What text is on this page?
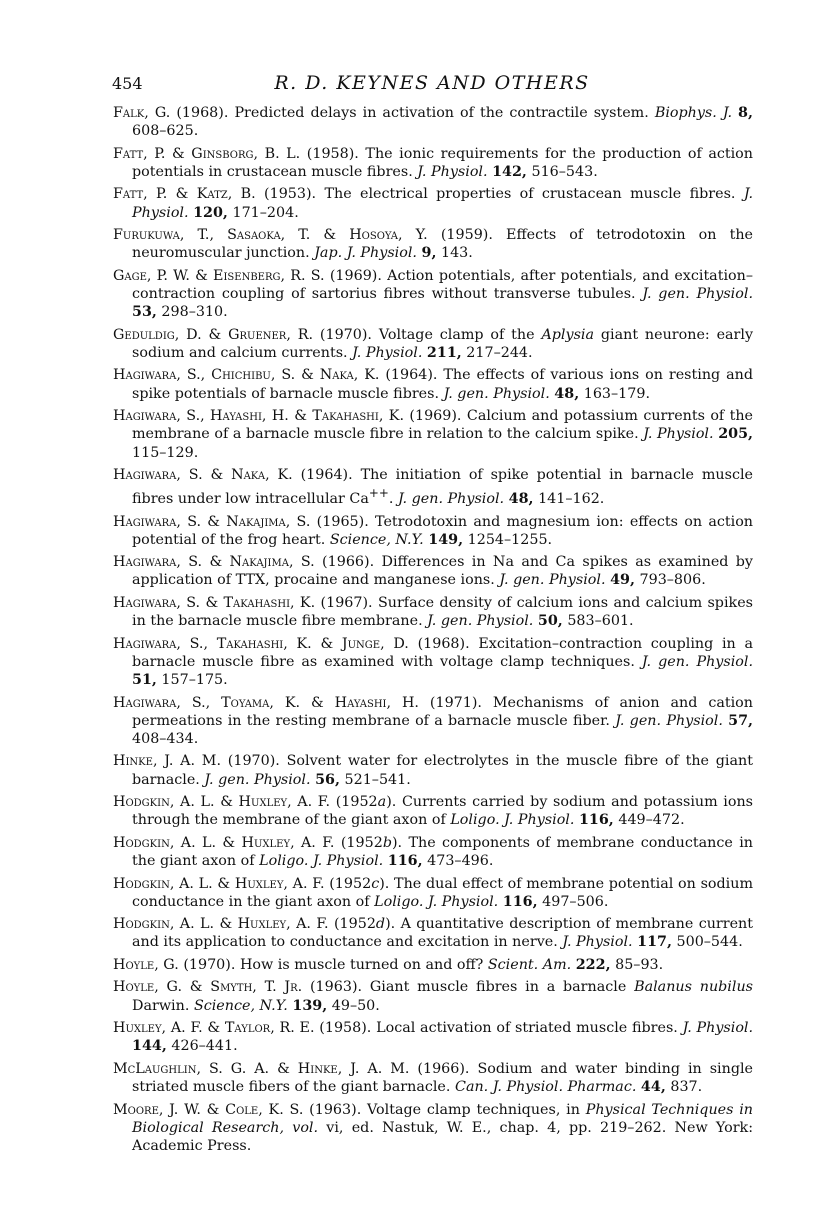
454	R. D. KEYNES AND OTHERS
Falk, G. (1968). Predicted delays in activation of the contractile system. Biophys. J. 8, 608–625.
Fatt, P. & Ginsborg, B. L. (1958). The ionic requirements for the production of action potentials in crustacean muscle fibres. J. Physiol. 142, 516–543.
Fatt, P. & Katz, B. (1953). The electrical properties of crustacean muscle fibres. J. Physiol. 120, 171–204.
Furukuwa, T., Sasaoka, T. & Hosoya, Y. (1959). Effects of tetrodotoxin on the neuromuscular junction. Jap. J. Physiol. 9, 143.
Gage, P. W. & Eisenberg, R. S. (1969). Action potentials, after potentials, and excitation–contraction coupling of sartorius fibres without transverse tubules. J. gen. Physiol. 53, 298–310.
Geduldig, D. & Gruener, R. (1970). Voltage clamp of the Aplysia giant neurone: early sodium and calcium currents. J. Physiol. 211, 217–244.
Hagiwara, S., Chichibu, S. & Naka, K. (1964). The effects of various ions on resting and spike potentials of barnacle muscle fibres. J. gen. Physiol. 48, 163–179.
Hagiwara, S., Hayashi, H. & Takahashi, K. (1969). Calcium and potassium currents of the membrane of a barnacle muscle fibre in relation to the calcium spike. J. Physiol. 205, 115–129.
Hagiwara, S. & Naka, K. (1964). The initiation of spike potential in barnacle muscle fibres under low intracellular Ca++. J. gen. Physiol. 48, 141–162.
Hagiwara, S. & Nakajima, S. (1965). Tetrodotoxin and magnesium ion: effects on action potential of the frog heart. Science, N.Y. 149, 1254–1255.
Hagiwara, S. & Nakajima, S. (1966). Differences in Na and Ca spikes as examined by application of TTX, procaine and manganese ions. J. gen. Physiol. 49, 793–806.
Hagiwara, S. & Takahashi, K. (1967). Surface density of calcium ions and calcium spikes in the barnacle muscle fibre membrane. J. gen. Physiol. 50, 583–601.
Hagiwara, S., Takahashi, K. & Junge, D. (1968). Excitation–contraction coupling in a barnacle muscle fibre as examined with voltage clamp techniques. J. gen. Physiol. 51, 157–175.
Hagiwara, S., Toyama, K. & Hayashi, H. (1971). Mechanisms of anion and cation permeations in the resting membrane of a barnacle muscle fiber. J. gen. Physiol. 57, 408–434.
Hinke, J. A. M. (1970). Solvent water for electrolytes in the muscle fibre of the giant barnacle. J. gen. Physiol. 56, 521–541.
Hodgkin, A. L. & Huxley, A. F. (1952a). Currents carried by sodium and potassium ions through the membrane of the giant axon of Loligo. J. Physiol. 116, 449–472.
Hodgkin, A. L. & Huxley, A. F. (1952b). The components of membrane conductance in the giant axon of Loligo. J. Physiol. 116, 473–496.
Hodgkin, A. L. & Huxley, A. F. (1952c). The dual effect of membrane potential on sodium conductance in the giant axon of Loligo. J. Physiol. 116, 497–506.
Hodgkin, A. L. & Huxley, A. F. (1952d). A quantitative description of membrane current and its application to conductance and excitation in nerve. J. Physiol. 117, 500–544.
Hoyle, G. (1970). How is muscle turned on and off? Scient. Am. 222, 85–93.
Hoyle, G. & Smyth, T. Jr. (1963). Giant muscle fibres in a barnacle Balanus nubilus Darwin. Science, N.Y. 139, 49–50.
Huxley, A. F. & Taylor, R. E. (1958). Local activation of striated muscle fibres. J. Physiol. 144, 426–441.
McLaughlin, S. G. A. & Hinke, J. A. M. (1966). Sodium and water binding in single striated muscle fibers of the giant barnacle. Can. J. Physiol. Pharmac. 44, 837.
Moore, J. W. & Cole, K. S. (1963). Voltage clamp techniques, in Physical Techniques in Biological Research, vol. vi, ed. Nastuk, W. E., chap. 4, pp. 219–262. New York: Academic Press.
